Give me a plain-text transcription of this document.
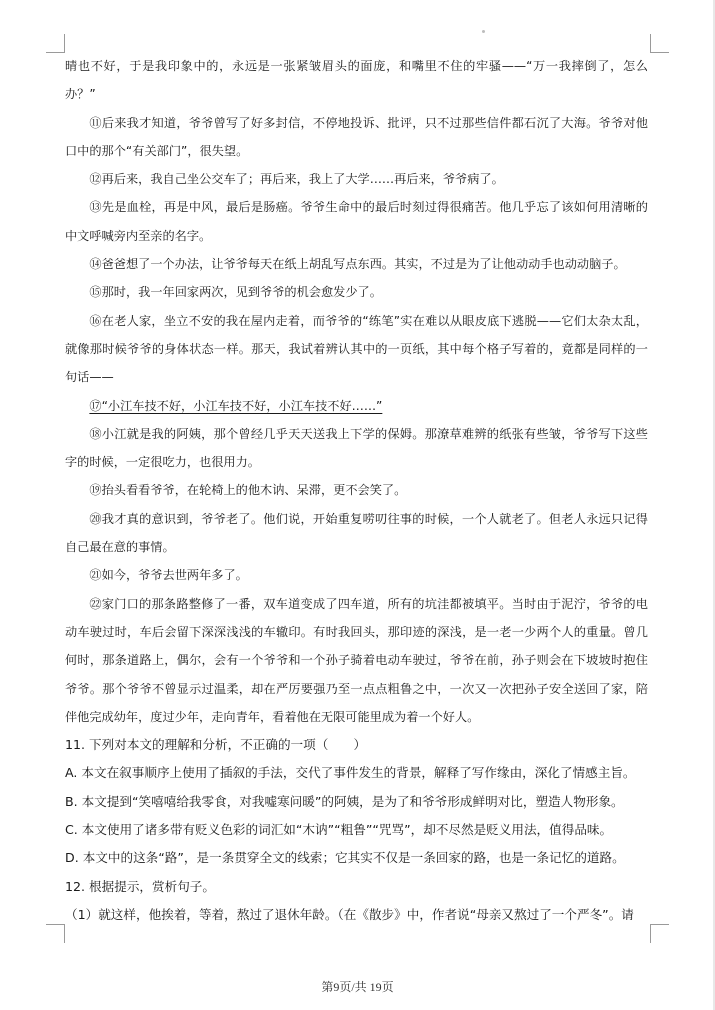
晴也不好，于是我印象中的，永远是一张紧皱眉头的面庞，和嘴里不住的牢骚——“万一我摔倒了，怎么办？”

⑪后来我才知道，爷爷曾写了好多封信，不停地投诉、批评，只不过那些信件都石沉了大海。爷爷对他口中的那个“有关部门”，很失望。

⑫再后来，我自己坐公交车了；再后来，我上了大学……再后来，爷爷病了。

⑬先是血栓，再是中风，最后是肠癌。爷爷生命中的最后时刻过得很痛苦。他几乎忘了该如何用清晰的中文呼喊旁内至亲的名字。

⑭爸爸想了一个办法，让爷爷每天在纸上胡乱写点东西。其实，不过是为了让他动动手也动动脑子。

⑮那时，我一年回家两次，见到爷爷的机会愈发少了。

⑯在老人家，坐立不安的我在屋内走着，而爷爷的“练笔”实在难以从眼皮底下逃脱——它们太杂太乱，就像那时候爷爷的身体状态一样。那天，我试着辨认其中的一页纸，其中每个格子写着的，竟都是同样的一句话——

⑰“小江车技不好，小江车技不好，小江车技不好……”

⑱小江就是我的阿姨，那个曾经几乎天天送我上下学的保姆。那潦草难辨的纸张有些皱，爷爷写下这些字的时候，一定很吃力，也很用力。

⑲抬头看看爷爷，在轮椅上的他木讷、呆滞，更不会笑了。

⑳我才真的意识到，爷爷老了。他们说，开始重复唠叨往事的时候，一个人就老了。但老人永远只记得自己最在意的事情。

㉑如今，爷爷去世两年多了。

㉒家门口的那条路整修了一番，双车道变成了四车道，所有的坑洼都被填平。当时由于泥泞，爷爷的电动车驶过时，车后会留下深深浅浅的车辙印。有时我回头，那印迹的深浅，是一老一少两个人的重量。曾几何时，那条道路上，偶尔，会有一个爷爷和一个孙子骑着电动车驶过，爷爷在前，孙子则会在下坡坡时抱住爷爷。那个爷爷不曾显示过温柔，却在严厉要强乃至一点点粗鲁之中，一次又一次把孙子安全送回了家，陪伴他完成幼年，度过少年，走向青年，看着他在无限可能里成为着一个好人。

11. 下列对本文的理解和分析，不正确的一项（　　）

A. 本文在叙事顺序上使用了插叙的手法，交代了事件发生的背景，解释了写作缘由，深化了情感主旨。

B. 本文提到“笑嘻嘻给我零食，对我嘘寒问暖”的阿姨，是为了和爷爷形成鲜明对比，塑造人物形象。

C. 本文使用了诸多带有贬义色彩的词汇如“木讷”“粗鲁”“咒骂”，却不尽然是贬义用法，值得品味。

D. 本文中的这条“路”，是一条贯穿全文的线索；它其实不仅是一条回家的路，也是一条记忆的道路。

12. 根据提示，赏析句子。

（1）就这样，他挨着，等着，熬过了退休年龄。（在《散步》中，作者说“母亲又熬过了一个严冬”。请

第9页/共 19页
